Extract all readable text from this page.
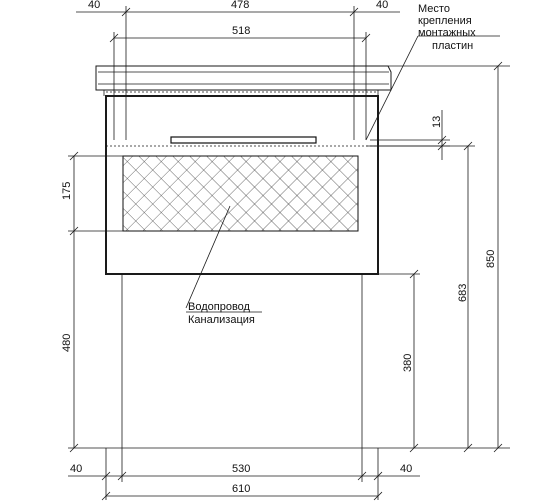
40	478	40
518
175
480
13
683
850
380
40	530	40
610
Место
крепления
монтажных
пластин
Водопровод
Канализация
